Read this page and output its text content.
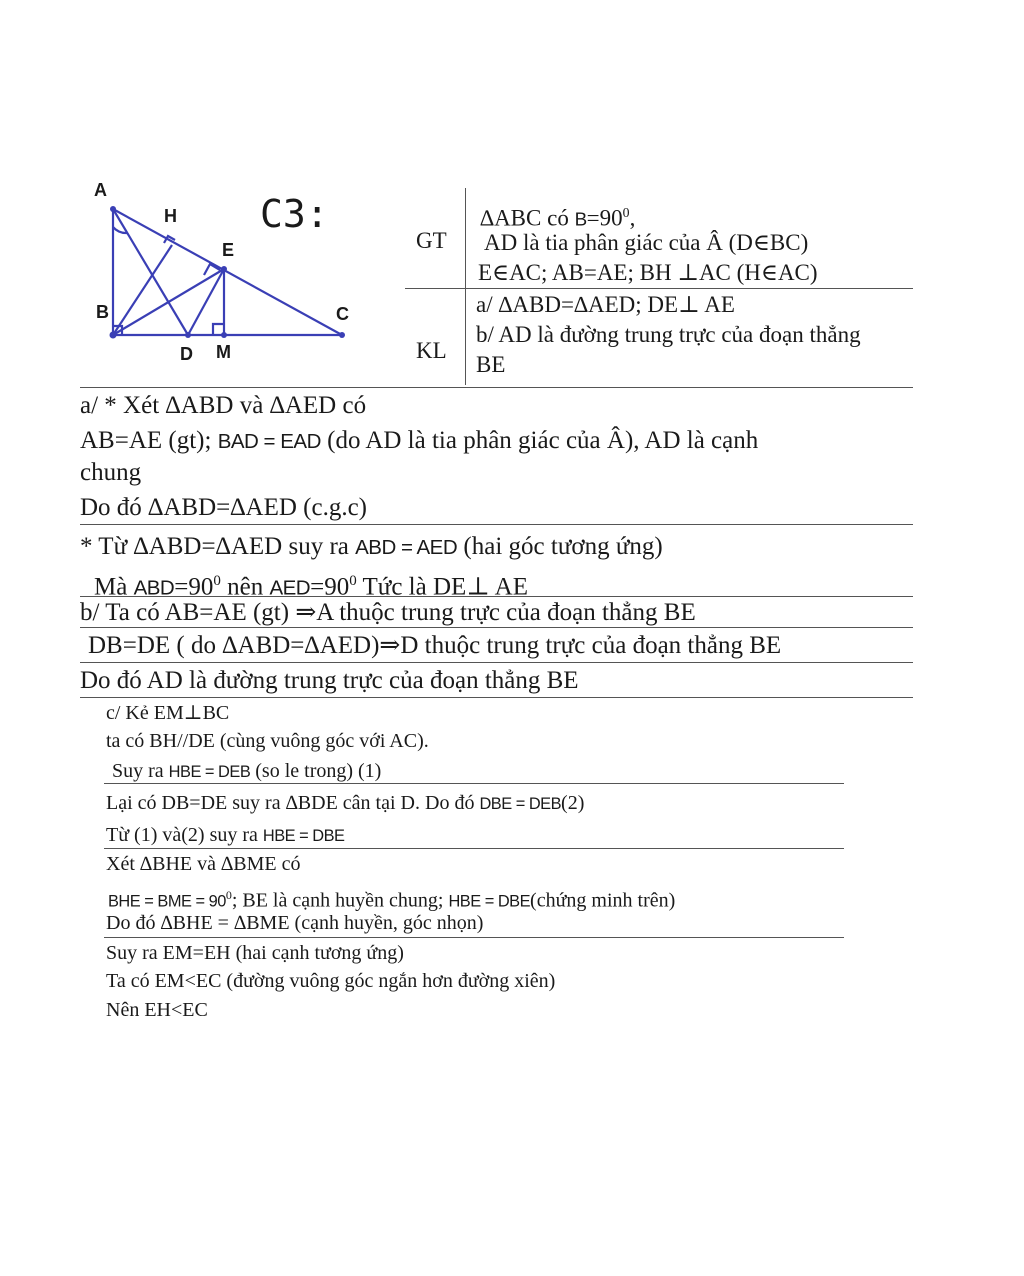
A
H
E
B	C
D M
C3:
GT
KL
∆ABC có $B=90^0$,
AD là tia phân giác của Â (D∈BC)
E∈AC; AB=AE; BH ⊥AC (H∈AC)
a/ ∆ABD=∆AED; DE⊥ AE
b/ AD là đường trung trực của đoạn thẳng
BE
a/ * Xét ∆ABD và ∆AED có
AB=AE (gt); BAD = EAD (do AD là tia phân giác của Â), AD là cạnh
chung
Do đó ∆ABD=∆AED (c.g.c)
* Từ ∆ABD=∆AED suy ra ABD = AED (hai góc tương ứng)
Mà $ABD=90^0$ nên $AED=90^0$ Tức là DE⊥ AE
b/ Ta có AB=AE (gt) ⇒A thuộc trung trực của đoạn thẳng BE
DB=DE ( do ∆ABD=∆AED)⇒D thuộc trung trực của đoạn thẳng BE
Do đó AD là đường trung trực của đoạn thẳng BE
c/ Kẻ EM⊥BC
ta có BH//DE (cùng vuông góc với AC).
Suy ra HBE = DEB (so le trong) (1)
Lại có DB=DE suy ra ∆BDE cân tại D. Do đó DBE = DEB(2)
Từ (1) và(2) suy ra HBE = DBE
Xét ∆BHE và ∆BME có
BHE = BME = $90^0$; BE là cạnh huyền chung; HBE = DBE(chứng minh trên)
Do đó ∆BHE = ∆BME (cạnh huyền, góc nhọn)
Suy ra EM=EH (hai cạnh tương ứng)
Ta có EM<EC (đường vuông góc ngắn hơn đường xiên)
Nên EH<EC
